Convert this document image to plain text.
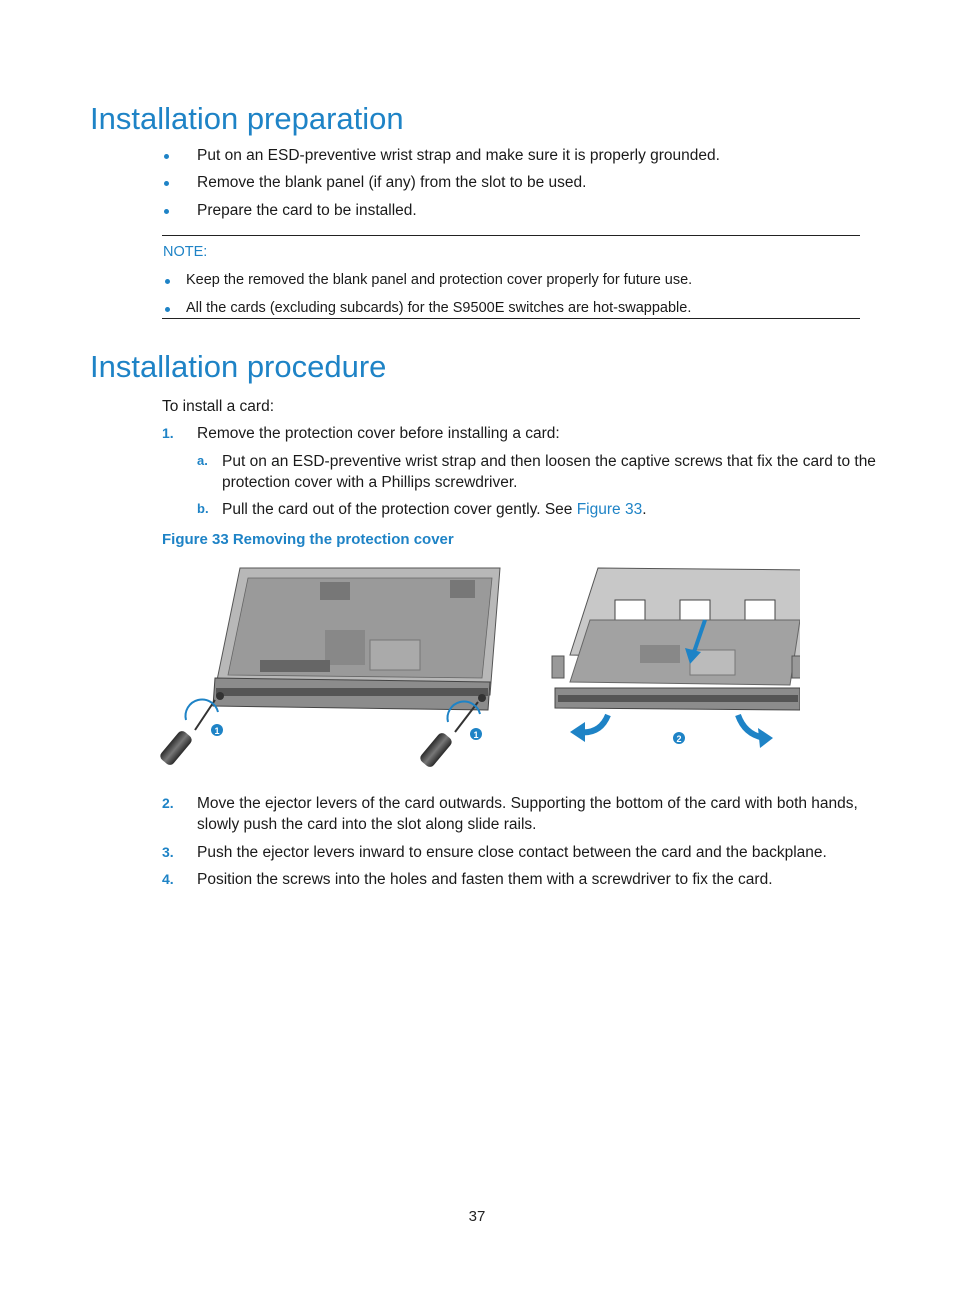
Installation preparation
Put on an ESD-preventive wrist strap and make sure it is properly grounded.
Remove the blank panel (if any) from the slot to be used.
Prepare the card to be installed.
NOTE:
Keep the removed the blank panel and protection cover properly for future use.
All the cards (excluding subcards) for the S9500E switches are hot-swappable.
Installation procedure
To install a card:
1. Remove the protection cover before installing a card:
a. Put on an ESD-preventive wrist strap and then loosen the captive screws that fix the card to the
protection cover with a Phillips screwdriver.
b. Pull the card out of the protection cover gently. See Figure 33.
Figure 33 Removing the protection cover
1	1	2
2. Move the ejector levers of the card outwards. Supporting the bottom of the card with both hands,
slowly push the card into the slot along slide rails.
3. Push the ejector levers inward to ensure close contact between the card and the backplane.
4. Position the screws into the holes and fasten them with a screwdriver to fix the card.
37
